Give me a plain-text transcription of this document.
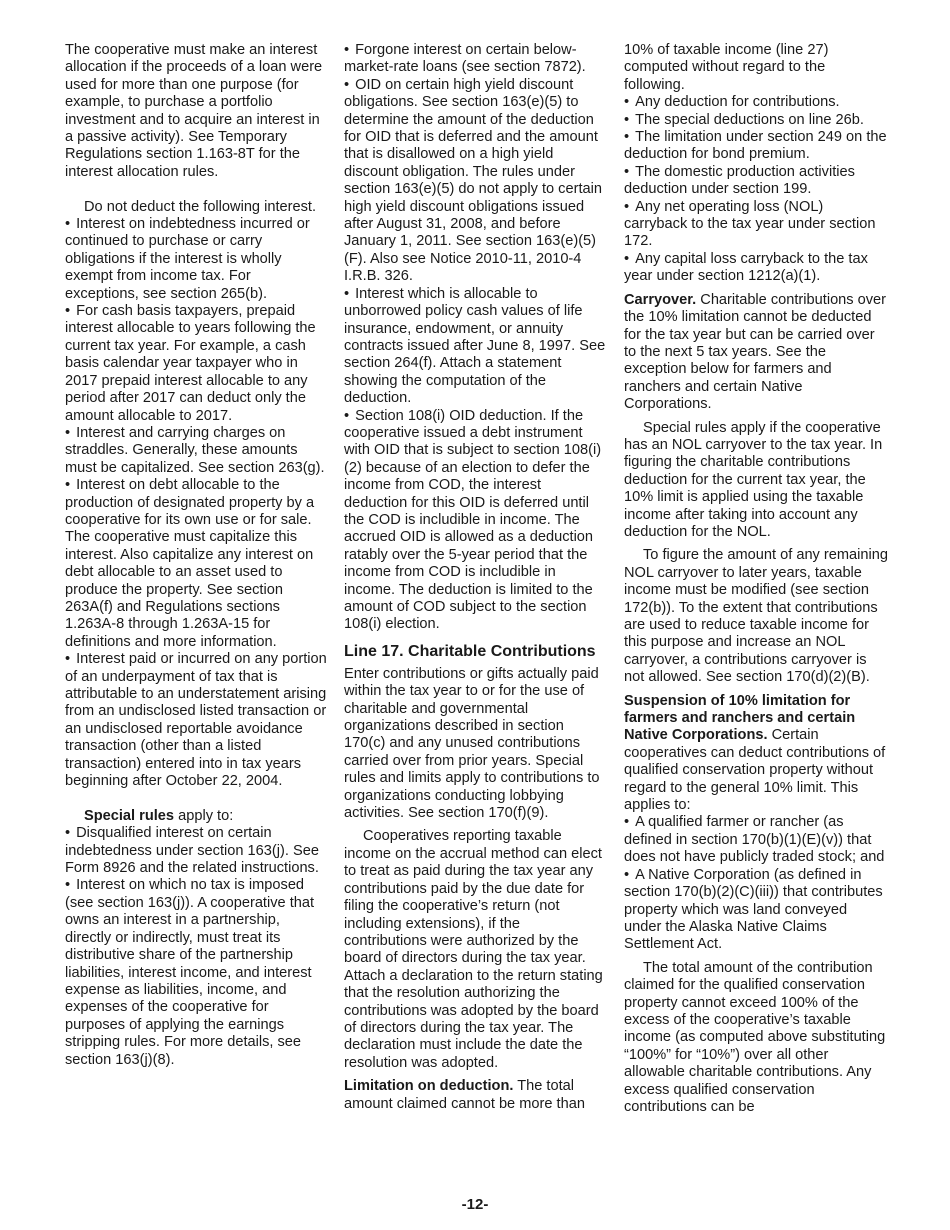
The cooperative must make an interest allocation if the proceeds of a loan were used for more than one purpose (for example, to purchase a portfolio investment and to acquire an interest in a passive activity). See Temporary Regulations section 1.163-8T for the interest allocation rules.

Do not deduct the following interest.

• Interest on indebtedness incurred or continued to purchase or carry obligations if the interest is wholly exempt from income tax. For exceptions, see section 265(b).

• For cash basis taxpayers, prepaid interest allocable to years following the current tax year. For example, a cash basis calendar year taxpayer who in 2017 prepaid interest allocable to any period after 2017 can deduct only the amount allocable to 2017.

• Interest and carrying charges on straddles. Generally, these amounts must be capitalized. See section 263(g).

• Interest on debt allocable to the production of designated property by a cooperative for its own use or for sale. The cooperative must capitalize this interest. Also capitalize any interest on debt allocable to an asset used to produce the property. See section 263A(f) and Regulations sections 1.263A-8 through 1.263A-15 for definitions and more information.

• Interest paid or incurred on any portion of an underpayment of tax that is attributable to an understatement arising from an undisclosed listed transaction or an undisclosed reportable avoidance transaction (other than a listed transaction) entered into in tax years beginning after October 22, 2004.

Special rules apply to:

• Disqualified interest on certain indebtedness under section 163(j). See Form 8926 and the related instructions.

• Interest on which no tax is imposed (see section 163(j)). A cooperative that owns an interest in a partnership, directly or indirectly, must treat its distributive share of the partnership liabilities, interest income, and interest expense as liabilities, income, and expenses of the cooperative for purposes of applying the earnings stripping rules. For more details, see section 163(j)(8).

• Forgone interest on certain below-market-rate loans (see section 7872).

• OID on certain high yield discount obligations. See section 163(e)(5) to determine the amount of the deduction for OID that is deferred and the amount that is disallowed on a high yield discount obligation. The rules under section 163(e)(5) do not apply to certain high yield discount obligations issued after August 31, 2008, and before January 1, 2011. See section 163(e)(5)(F). Also see Notice 2010-11, 2010-4 I.R.B. 326.

• Interest which is allocable to unborrowed policy cash values of life insurance, endowment, or annuity contracts issued after June 8, 1997. See section 264(f). Attach a statement showing the computation of the deduction.

• Section 108(i) OID deduction. If the cooperative issued a debt instrument with OID that is subject to section 108(i)(2) because of an election to defer the income from COD, the interest deduction for this OID is deferred until the COD is includible in income. The accrued OID is allowed as a deduction ratably over the 5-year period that the income from COD is includible in income. The deduction is limited to the amount of COD subject to the section 108(i) election.

Line 17. Charitable Contributions

Enter contributions or gifts actually paid within the tax year to or for the use of charitable and governmental organizations described in section 170(c) and any unused contributions carried over from prior years. Special rules and limits apply to contributions to organizations conducting lobbying activities. See section 170(f)(9).

Cooperatives reporting taxable income on the accrual method can elect to treat as paid during the tax year any contributions paid by the due date for filing the cooperative’s return (not including extensions), if the contributions were authorized by the board of directors during the tax year. Attach a declaration to the return stating that the resolution authorizing the contributions was adopted by the board of directors during the tax year. The declaration must include the date the resolution was adopted.

Limitation on deduction. The total amount claimed cannot be more than

10% of taxable income (line 27) computed without regard to the following.

• Any deduction for contributions.

• The special deductions on line 26b.

• The limitation under section 249 on the deduction for bond premium.

• The domestic production activities deduction under section 199.

• Any net operating loss (NOL) carryback to the tax year under section 172.

• Any capital loss carryback to the tax year under section 1212(a)(1).

Carryover. Charitable contributions over the 10% limitation cannot be deducted for the tax year but can be carried over to the next 5 tax years. See the exception below for farmers and ranchers and certain Native Corporations.

Special rules apply if the cooperative has an NOL carryover to the tax year. In figuring the charitable contributions deduction for the current tax year, the 10% limit is applied using the taxable income after taking into account any deduction for the NOL.

To figure the amount of any remaining NOL carryover to later years, taxable income must be modified (see section 172(b)). To the extent that contributions are used to reduce taxable income for this purpose and increase an NOL carryover, a contributions carryover is not allowed. See section 170(d)(2)(B).

Suspension of 10% limitation for farmers and ranchers and certain Native Corporations. Certain cooperatives can deduct contributions of qualified conservation property without regard to the general 10% limit. This applies to:

• A qualified farmer or rancher (as defined in section 170(b)(1)(E)(v)) that does not have publicly traded stock; and

• A Native Corporation (as defined in section 170(b)(2)(C)(iii)) that contributes property which was land conveyed under the Alaska Native Claims Settlement Act.

The total amount of the contribution claimed for the qualified conservation property cannot exceed 100% of the excess of the cooperative’s taxable income (as computed above substituting “100%” for “10%”) over all other allowable charitable contributions. Any excess qualified conservation contributions can be

-12-
